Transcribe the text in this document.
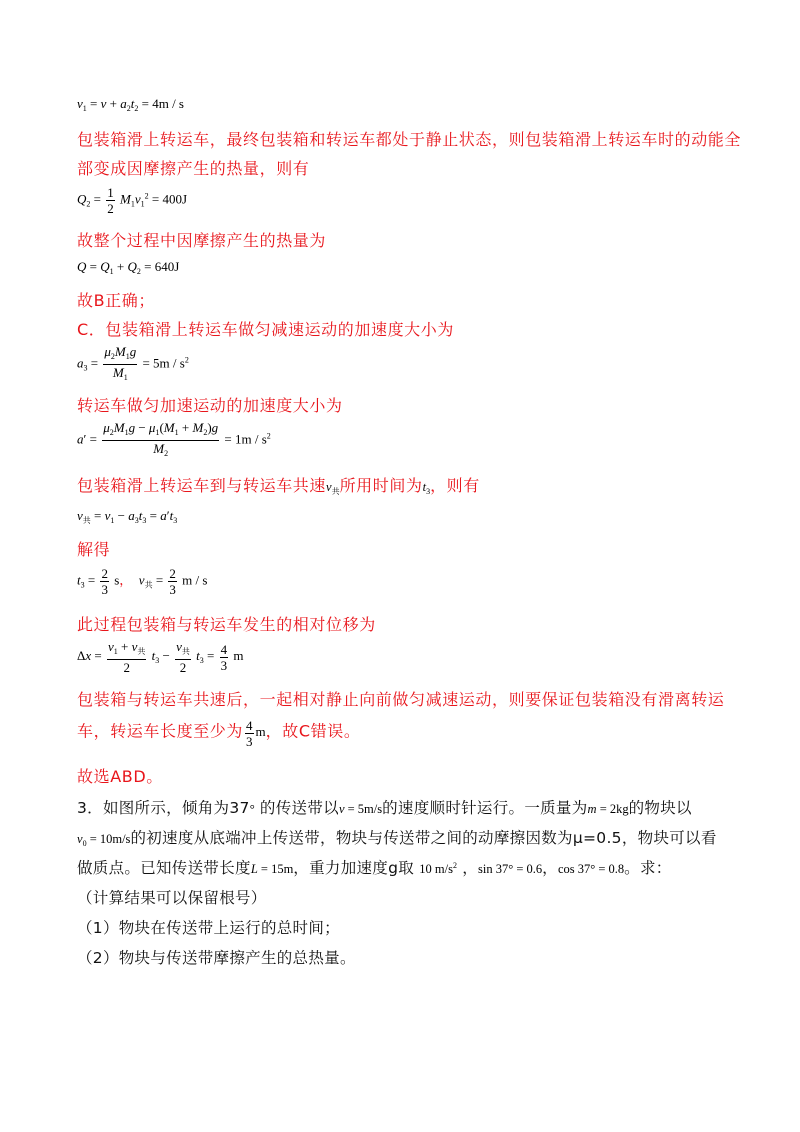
$v_1 = v + a_2t_2 = 4m / s$
包装箱滑上转运车，最终包装箱和转运车都处于静止状态，则包装箱滑上转运车时的动能全
部变成因摩擦产生的热量，则有
$Q_2 = \frac{1}{2} M_1v_1^2 = 400J$
故整个过程中因摩擦产生的热量为
$Q = Q_1 + Q_2 = 640J$
故B正确；
C．包装箱滑上转运车做匀减速运动的加速度大小为
$a_3 = \frac{\mu_2M_1g}{M_1} = 5m / s^2$
转运车做匀加速运动的加速度大小为
$a' = \frac{\mu_2M_1g - \mu_1(M_1 + M_2)g}{M_2} = 1m / s^2$
包装箱滑上转运车到与转运车共速$v_共$所用时间为$t_3$，则有
$v_共 = v_1 - a_3t_3 = a't_3$
解得
$t_3 = \frac{2}{3}$ s， $v_共 = \frac{2}{3}$ m / s
此过程包装箱与转运车发生的相对位移为
$\Delta x = \frac{v_1 + v_共}{2} t_3 - \frac{v_共}{2} t_3 = \frac{4}{3}$ m
包装箱与转运车共速后，一起相对静止向前做匀减速运动，则要保证包装箱没有滑离转运
车，转运车长度至少为 $\frac{4}{3}$ m，故C错误。
故选ABD。
3．如图所示，倾角为37° 的传送带以v = 5m/s的速度顺时针运行。一质量为m = 2kg的物块以
$v_0 = 10m/s$的初速度从底端冲上传送带，物块与传送带之间的动摩擦因数为μ=0.5，物块可以看
做质点。已知传送带长度L = 15m，重力加速度g取 10 $m/s^2$ ，sin 37° = 0.6，cos 37° = 0.8。求：
（计算结果可以保留根号）
（1）物块在传送带上运行的总时间；
（2）物块与传送带摩擦产生的总热量。
